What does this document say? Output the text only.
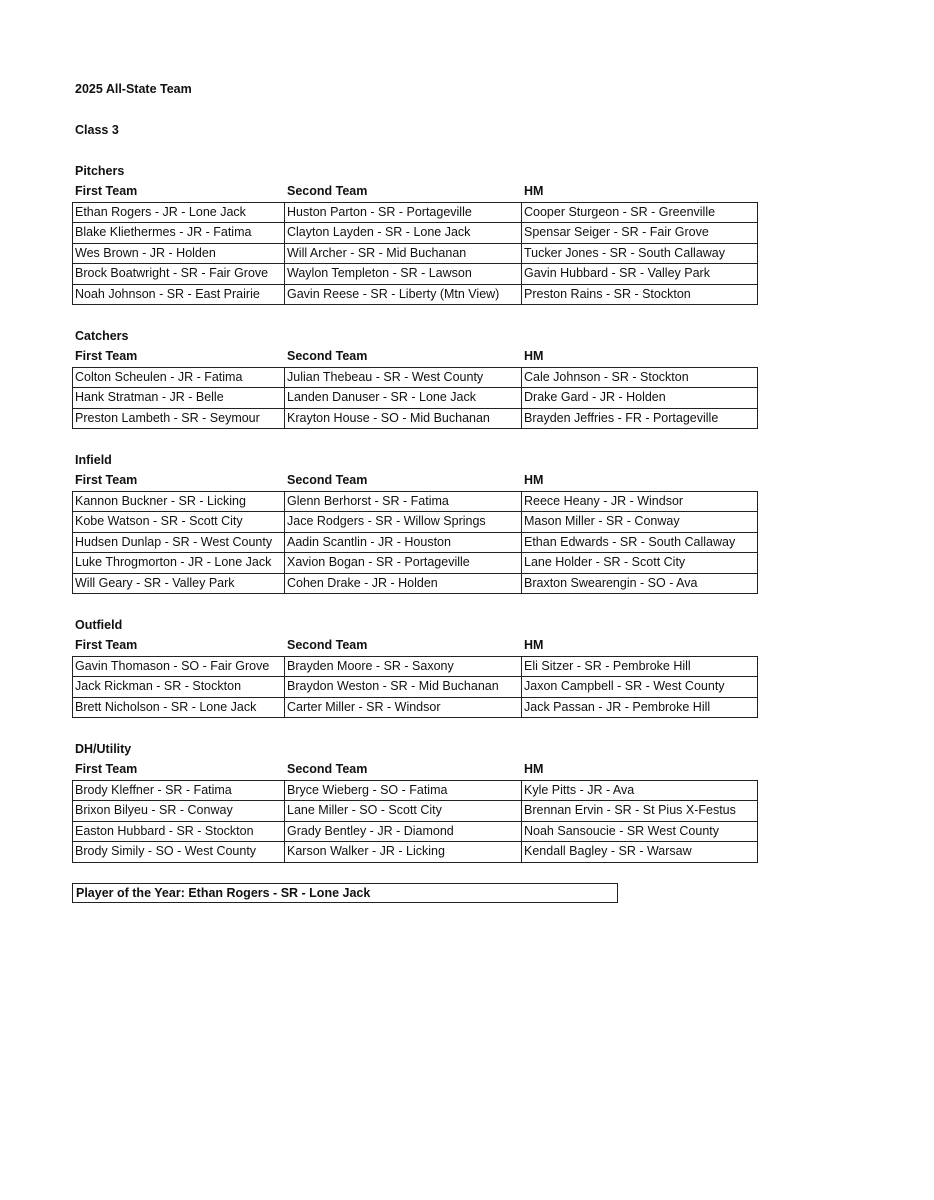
2025 All-State Team
Class 3
Pitchers
First Team	Second Team	HM
Ethan Rogers - JR - Lone Jack	Huston Parton - SR - Portageville	Cooper Sturgeon - SR - Greenville
Blake Kliethermes - JR - Fatima	Clayton Layden - SR - Lone Jack	Spensar Seiger - SR - Fair Grove
Wes Brown - JR - Holden	Will Archer - SR - Mid Buchanan	Tucker Jones - SR - South Callaway
Brock Boatwright - SR - Fair Grove	Waylon Templeton - SR - Lawson	Gavin Hubbard - SR - Valley Park
Noah Johnson - SR - East Prairie	Gavin Reese - SR - Liberty (Mtn View)	Preston Rains - SR - Stockton
Catchers
First Team	Second Team	HM
Colton Scheulen - JR - Fatima	Julian Thebeau - SR - West County	Cale Johnson - SR - Stockton
Hank Stratman - JR - Belle	Landen Danuser - SR - Lone Jack	Drake Gard - JR - Holden
Preston Lambeth - SR - Seymour	Krayton House - SO - Mid Buchanan	Brayden Jeffries - FR - Portageville
Infield
First Team	Second Team	HM
Kannon Buckner - SR - Licking	Glenn Berhorst - SR - Fatima	Reece Heany - JR - Windsor
Kobe Watson - SR - Scott City	Jace Rodgers - SR - Willow Springs	Mason Miller - SR - Conway
Hudsen Dunlap - SR - West County	Aadin Scantlin - JR - Houston	Ethan Edwards - SR - South Callaway
Luke Throgmorton - JR - Lone Jack	Xavion Bogan - SR - Portageville	Lane Holder - SR - Scott City
Will Geary - SR - Valley Park	Cohen Drake - JR - Holden	Braxton Swearengin - SO - Ava
Outfield
First Team	Second Team	HM
Gavin Thomason - SO - Fair Grove	Brayden Moore - SR - Saxony	Eli Sitzer - SR - Pembroke Hill
Jack Rickman - SR - Stockton	Braydon Weston - SR - Mid Buchanan	Jaxon Campbell - SR - West County
Brett Nicholson - SR - Lone Jack	Carter Miller - SR - Windsor	Jack Passan - JR - Pembroke Hill
DH/Utility
First Team	Second Team	HM
Brody Kleffner - SR - Fatima	Bryce Wieberg - SO - Fatima	Kyle Pitts - JR - Ava
Brixon Bilyeu - SR - Conway	Lane Miller - SO - Scott City	Brennan Ervin - SR - St Pius X-Festus
Easton Hubbard - SR - Stockton	Grady Bentley - JR - Diamond	Noah Sansoucie - SR West County
Brody Simily - SO - West County	Karson Walker - JR - Licking	Kendall Bagley - SR - Warsaw
Player of the Year: Ethan Rogers - SR - Lone Jack
